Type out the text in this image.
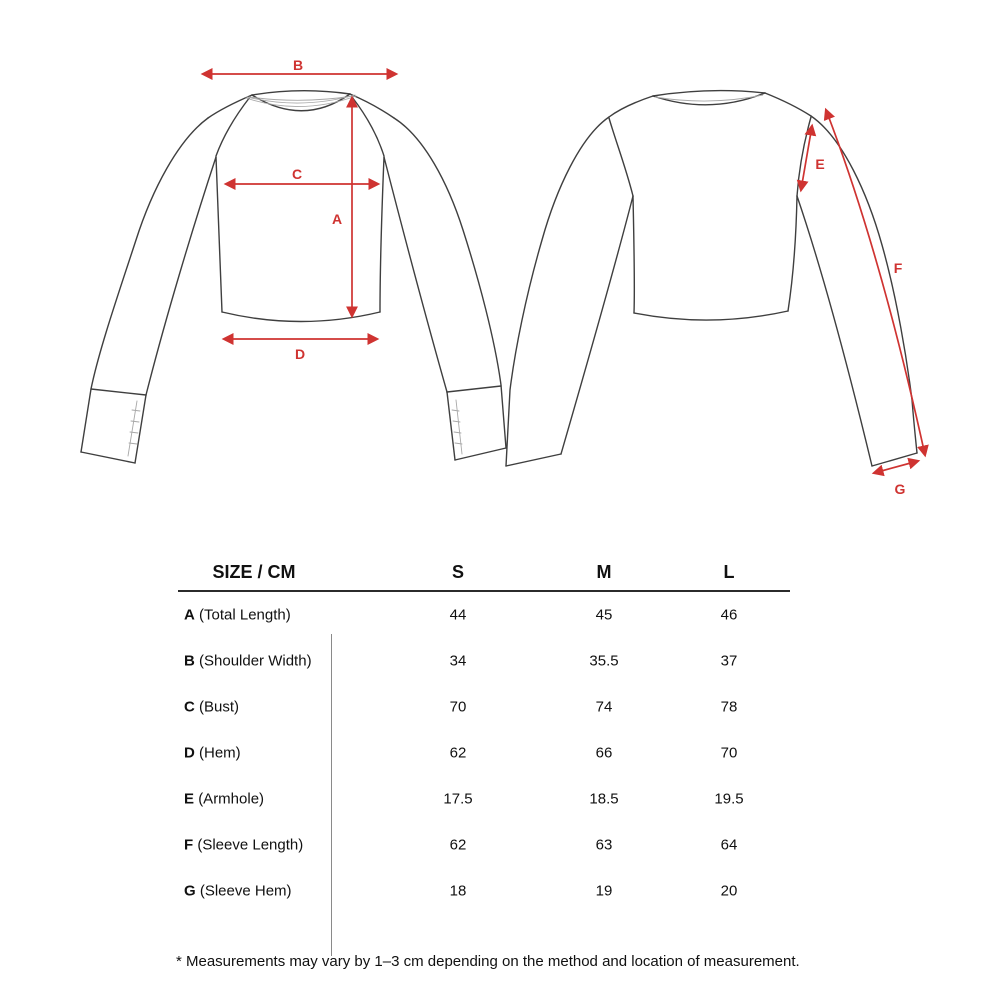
B
C
A
D
E
F
G
SIZE / CM	S	M	L
A (Total Length)	44	45	46
B (Shoulder Width)	34	35.5	37
C (Bust)	70	74	78
D (Hem)	62	66	70
E (Armhole)	17.5	18.5	19.5
F (Sleeve Length)	62	63	64
G (Sleeve Hem)	18	19	20
* Measurements may vary by 1–3 cm depending on the method and location of measurement.
